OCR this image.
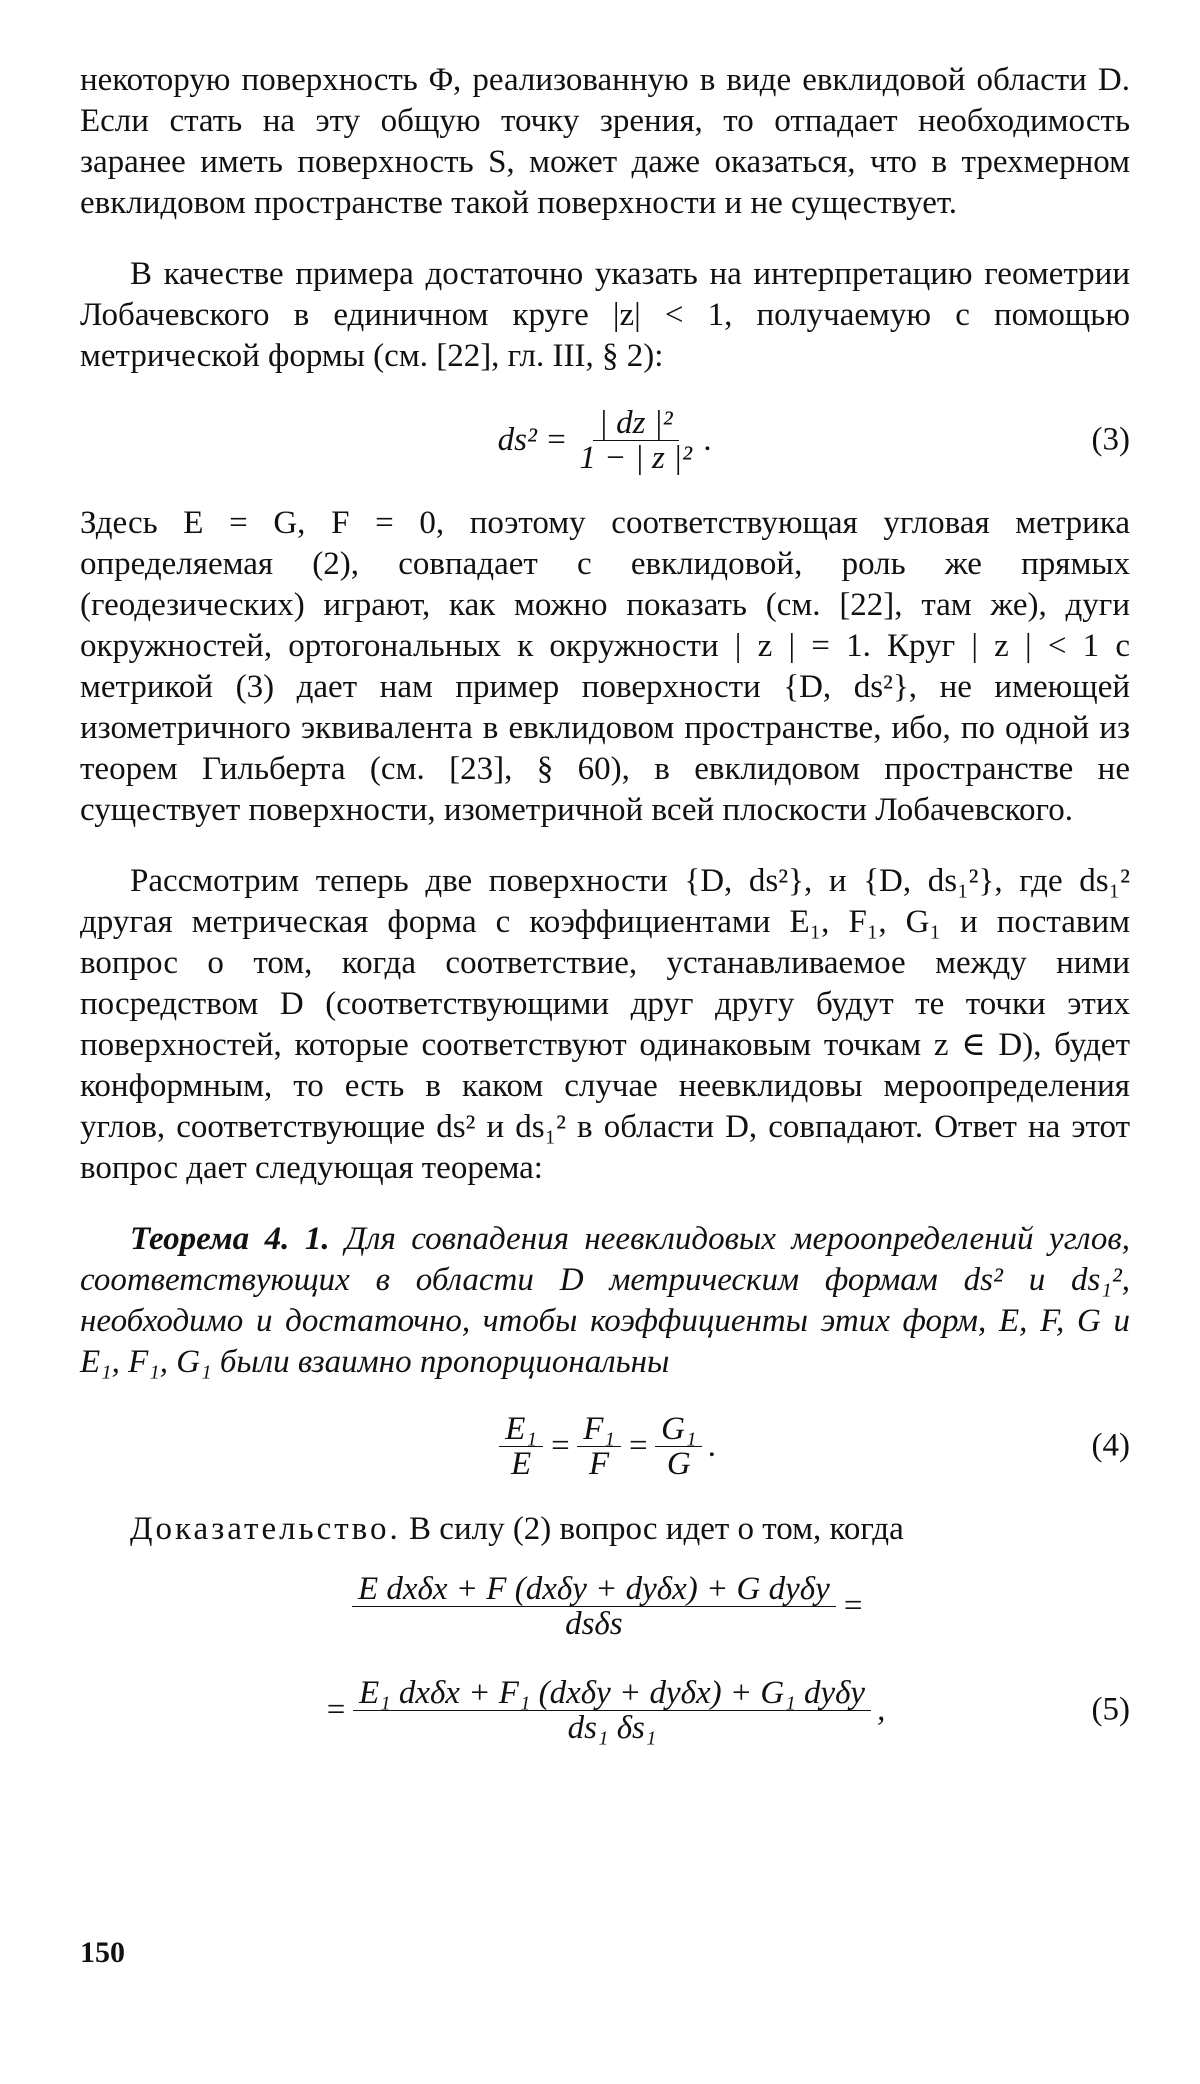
некоторую поверхность Φ, реализованную в виде евклидовой области D. Если стать на эту общую точку зрения, то отпадает необходимость заранее иметь поверхность S, может даже оказаться, что в трехмерном евклидовом пространстве такой поверхности и не существует.

В качестве примера достаточно указать на интерпретацию геометрии Лобачевского в единичном круге |z| < 1, получаемую с помощью метрической формы (см. [22], гл. III, § 2):

$ds^2 = \frac{\text{| dz |²}}{\text{1 − | z |²}}$ .	(3)

Здесь E = G, F = 0, поэтому соответствующая угловая метрика определяемая (2), совпадает с евклидовой, роль же прямых (геодезических) играют, как можно показать (см. [22], там же), дуги окружностей, ортогональных к окружности | z | = 1. Круг | z | < 1 с метрикой (3) дает нам пример поверхности {D, ds²}, не имеющей изометричного эквивалента в евклидовом пространстве, ибо, по одной из теорем Гильберта (см. [23], § 60), в евклидовом пространстве не существует поверхности, изометричной всей плоскости Лобачевского.

Рассмотрим теперь две поверхности {D, ds²}, и {D, ds₁²}, где ds₁² другая метрическая форма с коэффициентами E₁, F₁, G₁ и поставим вопрос о том, когда соответствие, устанавливаемое между ними посредством D (соответствующими друг другу будут те точки этих поверхностей, которые соответствуют одинаковым точкам z ∈ D), будет конформным, то есть в каком случае неевклидовы мероопределения углов, соответствующие ds² и ds₁² в области D, совпадают. Ответ на этот вопрос дает следующая теорема:

Теорема 4. 1. Для совпадения неевклидовых мероопределений углов, соответствующих в области D метрическим формам ds² и ds₁², необходимо и достаточно, чтобы коэффициенты этих форм, E, F, G и E₁, F₁, G₁ были взаимно пропорциональны

$\frac{\text{E₁}}{E} = \frac{\text{F₁}}{F} = \frac{\text{G₁}}{G}$ .	(4)

Доказательство. В силу (2) вопрос идет о том, когда

$\frac{\text{E dxδx + F (dxδy + dyδx) + G dyδy}}{\text{dsδs}}$ =
= $\frac{\text{E₁ dxδx + F₁ (dxδy + dyδx) + G₁ dyδy}}{\text{ds₁ δs₁}}$ ,	(5)
150
